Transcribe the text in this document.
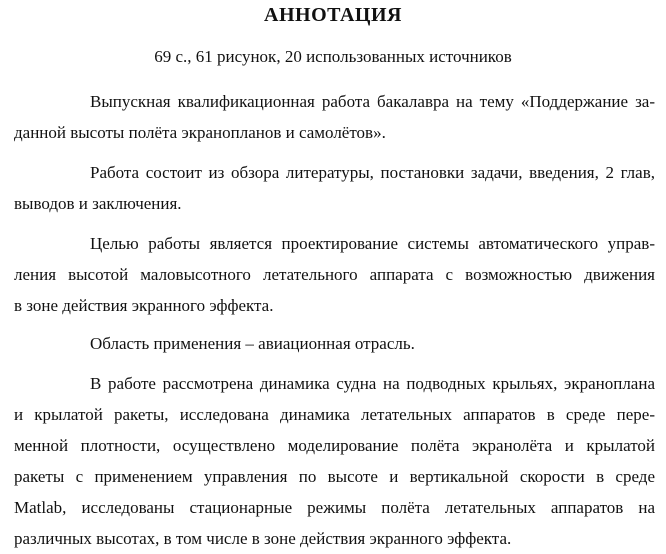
АННОТАЦИЯ
69 с., 61 рисунок, 20 использованных источников
Выпускная квалификационная работа бакалавра на тему «Поддержание за-
данной высоты полёта экранопланов и самолётов».
Работа состоит из обзора литературы, постановки задачи, введения, 2 глав,
выводов и заключения.
Целью работы является проектирование системы автоматического управ-
ления высотой маловысотного летательного аппарата с возможностью движения
в зоне действия экранного эффекта.
Область применения – авиационная отрасль.
В работе рассмотрена динамика судна на подводных крыльях, экраноплана
и крылатой ракеты, исследована динамика летательных аппаратов в среде пере-
менной плотности, осуществлено моделирование полёта экранолёта и крылатой
ракеты с применением управления по высоте и вертикальной скорости в среде
Matlab, исследованы стационарные режимы полёта летательных аппаратов на
различных высотах, в том числе в зоне действия экранного эффекта.
